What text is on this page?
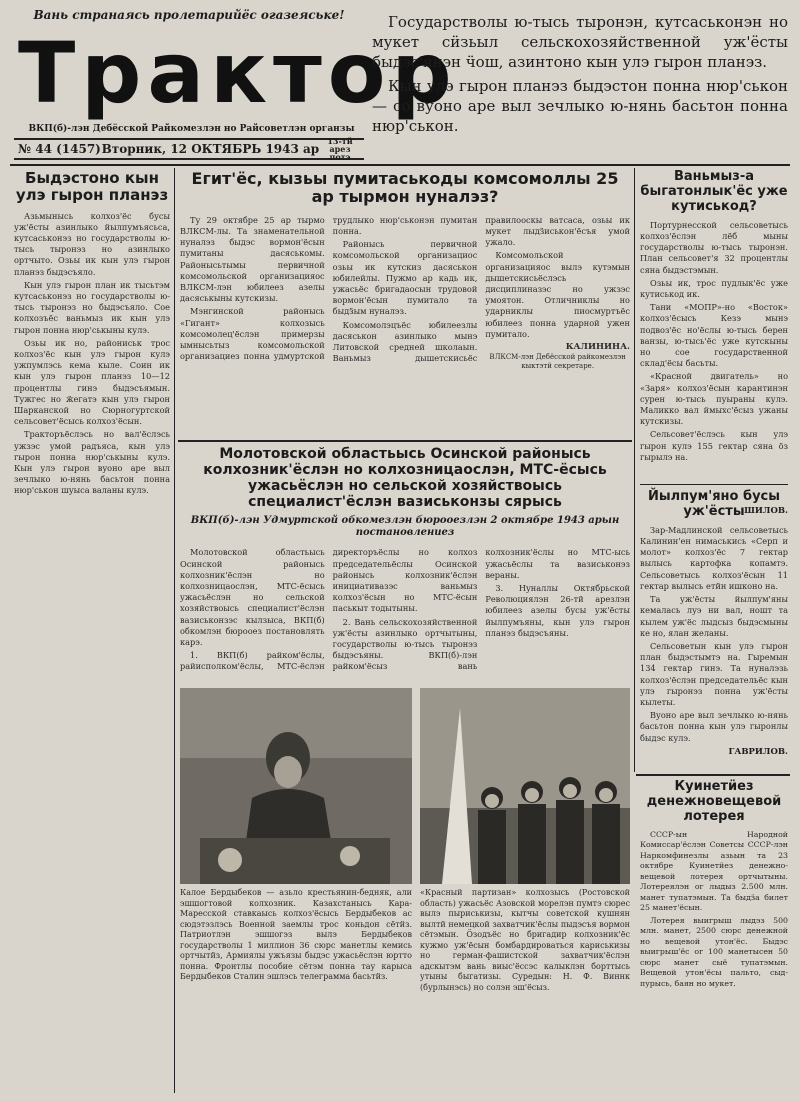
Вань странаясь пролетарийёс огазеяське!
Трактор
ВКП(б)-лэн Дебёсской Райкомезлэн но Райсоветлэн органзы
№ 44 (1457) Вторник, 12 ОКТЯБРЬ 1943 ар
13-тӥ арез потэ

Государстволы ю-тысь тыронэн, кутсаськонэн но мукет сӥзьыл сельскохозяйственной уж'ёсты быдэс'янэн ӵош, азинтоно кын улэ гырон планэз.

Кын улэ гырон планэз быдэстон понна нюр'ськон — со вуоно аре выл зечлыко ю-нянь басьтон понна нюр'ськон.

Быдэстоно кын улэ гырон планэз

Азьмынысь колхоз'ёс бусы уж'ёсты азинлыко йылпумъясьса, кутсаськонэз но государстволы ю-тысь тыронэз но азинлыко ортчыто. Озьы ик кын улэ гырон планэз быдэсъяло.

Кын улэ гырон план ик тысьтэм кутсаськонэз но государстволы ю-тысь тыронэз но быдэсъяло. Сое колхозъёс ваньмыз ик кын улэ гырон понна нюр'ськыны кулэ.

Озьы ик но, райониськ трос колхоз'ёс кын улэ гырон кулэ ужпумлэсь кема кыле. Соин ик кын улэ гырон планэз 10—12 процентлы гинэ быдэсъямын. Тужгес но ӝегатэ кын улэ гырон Шарканской но Сюрногуртской сельсовет'ёсысь колхоз'ёсын.

Тракторъёслэсь но вал'ёслэсь ужзэс умой радъяса, кын улэ гырон понна нюр'ськыны кулэ. Кын улэ гырон вуоно аре выл зечлыко ю-нянь басьтон понна нюр'ськон шуыса валаны кулэ.

Егит'ёс, кызьы пумитаськоды комсомоллы 25 ар тырмон нуналэз?

Ту 29 октябре 25 ар тырмо ВЛКСМ-лы. Та знаменательной нуналэз быдэс вормон'ёсын пумитаны дасяськомы. Районысьтымы первичной комсомольской организацияос ВЛКСМ-лэн юбилеез азелы дасяськыны кутскизы.

Мэнгинской районысь «Гигант» колхозысь комсомолец'ёслэн примерзы ымнысьтыз комсомольской организациез понна удмуртской трудлыко нюр'ськонэн пумитан понна.

Районысь первичной комсомольской организациос озьы ик кутскиз дасяськон юбилейлы. Пужмо ар кадь ик, ужасьёс бригадаосын трудовой вормон'ёсын пумитало та быдӟым нуналэз.

Комсомолэцъёс юбилеезлы дасяськон азинлыко мынэ Литовской средней школаын. Ваньмыз дышетскисьёс правилооскы ватсаса, озьы ик мукет лыдӟиськон'ёсъя умой ужало.

Комсомольской организацияос вылэ кутэмын дышетскисьёслэсь дисциплиназэс но ужзэс умоятон. Отличниклы но ударниклы пиосмуртъёс юбилеез понна ударной ужен пумитало.

КАЛИНИНА.
ВЛКСМ-лэн Дебёсской райкомезлэн кыктэтӥ секретаре.
Ваньмыз-а быгатонлык'ёс уже кутиськод?

Портурнесской сельсоветысь колхоз'ёслэн лёб мыны государстволы ю-тысь тыронэн. План сельсовет'я 32 процентлы сяна быдэстэмын.

Озьы ик, трос пудлык'ёс уже кутиськод ик.

Тани «МОПР»-но «Восток» колхоз'ёсысь Кезэ мынэ подвоз'ёс но'ёслы ю-тысь берен ванзы, ю-тысь'ёс уже кутскыны но сое государственной склад'ёсы басьты.

«Красной двигатель» но «Заря» колхоз'ёсын карантинэн сурен ю-тысь пуыраны кулэ. Маликко вал ймыхс'ёсыз ужаны кутскизы.

Сельсовет'ёслэсь кын улэ гырон кулэ 155 гектар сяна ӧз гырылэ на.

ШИЛОВ.
Йылпум'яно бусы уж'ёсты

Зар-Мадлинской сельсоветысь Калинин'ен нимаськись «Серп и молот» колхоз'ёс 7 гектар вылысь картофка копамтэ. Сельсоветысь колхоз'ёсын 11 гектар вылысь етӥн ишконо на.

Та уж'ёсты йылпум'яны кемалась луэ ни вал, ношт та кылем уж'ёс лыдсыз быдэсмыны ке но, ялан желаны.

Сельсоветын кын улэ гырон план быдэстымтэ на. Гыремын 134 гектар гинэ. Та нуналэзь колхоз'ёслэн председательёс кын улэ гыронэз понна уж'ёсты кылеты.

Вуоно аре выл зечлыко ю-нянь басьтон понна кын улэ гыронлы быдэс кулэ.

ГАВРИЛОВ.
Молотовской областьысь Осинской районысь колхозник'ёслэн но колхозницаослэн, МТС-ёсысь ужасьёслэн но сельской хозяйствоысь специалист'ёслэн вазиськонзы сярысь
ВКП(б)-лэн Удмуртской обкомезлэн бюрооезлэн 2 октябре 1943 арын постановлениез

Молотовской областьысь Осинской районысь колхозник'ёслэн но колхозницаослэн, МТС-ёсысь ужасьёслэн но сельской хозяйствоысь специалист'ёслэн вазиськонзэс кылзыса, ВКП(б) обкомлэн бюрооез постановлять карэ.

1. ВКП(б) райком'ёслы, райисполком'ёслы, МТС-ёслэн директоръёслы но колхоз председательёслы Осинской районысь колхозник'ёслэн инициативазэс ваньмыз колхоз'ёсын но МТС-ёсын паськыт тодытыны.

2. Вань сельскохозяйственной уж'ёсты азинлыко ортчытыны, государстволы ю-тысь тыронэз быдэсъяны. ВКП(б)-лэн райком'ёсыз вань колхозник'ёслы но МТС-ысь ужасьёслы та вазиськонэз вераны.

3. Нуналлы Октябрьской Революциялэн 26-тӥ арезлэн юбилеез азелы бусы уж'ёсты йылпумъяны, кын улэ гырон планэз быдэсъяны.

Калое Бердыбеков — азьло крестьянин-бедняк, али эшшогтовой колхозник. Казахстанысь Кара-Маресской ставкаысь колхоз'ёсысь Бердыбеков ас сюдэтэзлэсь Военной заемлы трос коньдон сётӥз. Патриотлэн эшшогэз вылэ Бердыбеков государстволы 1 миллион 36 сюрс манетлы кемись ортчытӥз, Армиялы ужъязы быдэс ужасьёслэн юртто понна. Фронтлы пособие сётэм понна тау карыса Бердыбеков Сталин эшлэсь телеграмма басьтӥз.
«Красный партизан» колхозысь (Ростовской область) ужасьёс Азовской морелэн пумтэ сюрес вылэ пыриськизы, кытчы советской кушнян вылтӥ немецкой захватчик'ёслы пыдэсъя вормон сётэмын. Ӧзодъёс но бригадир колхозник'ёс кужмо уж'ёсын бомбардироваться кариськизы но герман-фашистской захватчик'ёслэн адскытэм вань виыс'ёссэс калыклэн борттысь утыны быгатизы. Суредын: Н. Ф. Виннк (бурлынэсь) но солэн эш'ёсыз.
Куинетӥез денежновещевой лотерея

СССР-ын Народной Комиссар'ёслэн Советсы СССР-лэн Наркомфинезлы азьын та 23 октябре Куинетӥез денежно-вещевой лотерея ортчытыны. Лотереялэн ог лыдыз 2.500 млн. манет тупатэмын. Та быдӟа билет 25 манет'ёсын.

Лотерея выигрыш лыдэз 500 млн. манет, 2500 сюрс денежной но вещевой утон'ёс. Быдэс выигрыш'ёс ог 100 манетысен 50 сюрс манет сыё тупатэмын. Вещевой утон'ёсы пальто, сыд-пурысь, баян но мукет.
